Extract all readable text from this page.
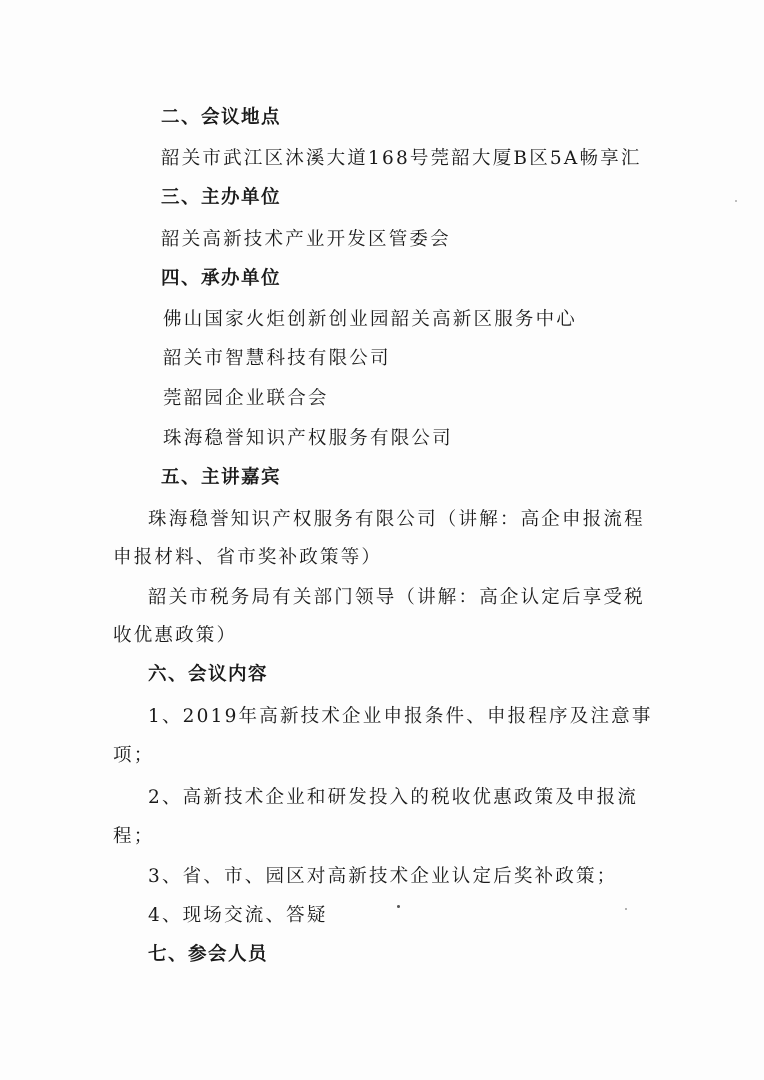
二、会议地点
韶关市武江区沐溪大道168号莞韶大厦B区5A畅享汇
三、主办单位
韶关高新技术产业开发区管委会
四、承办单位
佛山国家火炬创新创业园韶关高新区服务中心
韶关市智慧科技有限公司
莞韶园企业联合会
珠海稳誉知识产权服务有限公司
五、主讲嘉宾
珠海稳誉知识产权服务有限公司（讲解：高企申报流程
申报材料、省市奖补政策等）
韶关市税务局有关部门领导（讲解：高企认定后享受税
收优惠政策）
六、会议内容
1、2019年高新技术企业申报条件、申报程序及注意事
项；
2、高新技术企业和研发投入的税收优惠政策及申报流
程；
3、省、市、园区对高新技术企业认定后奖补政策；
4、现场交流、答疑
七、参会人员
